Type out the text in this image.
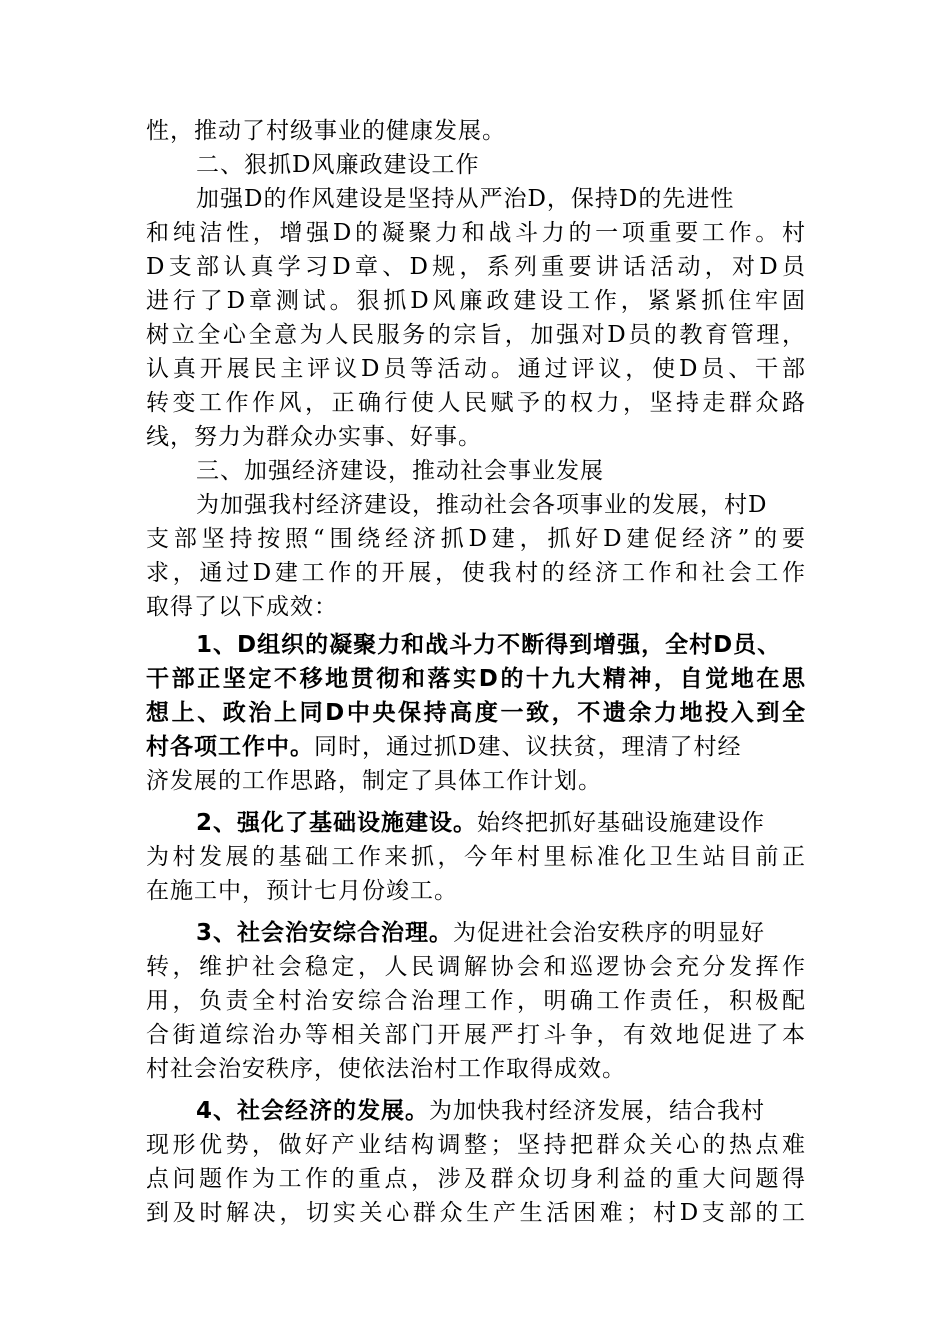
性，推动了村级事业的健康发展。
二、狠抓D风廉政建设工作
加强D的作风建设是坚持从严治D，保持D的先进性
和纯洁性，增强D的凝聚力和战斗力的一项重要工作。村
D支部认真学习D章、D规，系列重要讲话活动，对D员
进行了D章测试。狠抓D风廉政建设工作，紧紧抓住牢固
树立全心全意为人民服务的宗旨，加强对D员的教育管理，
认真开展民主评议D员等活动。通过评议，使D员、干部
转变工作作风，正确行使人民赋予的权力，坚持走群众路
线，努力为群众办实事、好事。
三、加强经济建设，推动社会事业发展
为加强我村经济建设，推动社会各项事业的发展，村D
支部坚持按照“围绕经济抓D建，抓好D建促经济”的要
求，通过D建工作的开展，使我村的经济工作和社会工作
取得了以下成效：
1、D组织的凝聚力和战斗力不断得到增强，全村D员、
干部正坚定不移地贯彻和落实D的十九大精神，自觉地在思
想上、政治上同D中央保持高度一致，不遗余力地投入到全
村各项工作中。同时，通过抓D建、议扶贫，理清了村经
济发展的工作思路，制定了具体工作计划。
2、强化了基础设施建设。始终把抓好基础设施建设作
为村发展的基础工作来抓，今年村里标准化卫生站目前正
在施工中，预计七月份竣工。
3、社会治安综合治理。为促进社会治安秩序的明显好
转，维护社会稳定，人民调解协会和巡逻协会充分发挥作
用，负责全村治安综合治理工作，明确工作责任，积极配
合街道综治办等相关部门开展严打斗争，有效地促进了本
村社会治安秩序，使依法治村工作取得成效。
4、社会经济的发展。为加快我村经济发展，结合我村
现形优势，做好产业结构调整；坚持把群众关心的热点难
点问题作为工作的重点，涉及群众切身利益的重大问题得
到及时解决，切实关心群众生产生活困难；村D支部的工
